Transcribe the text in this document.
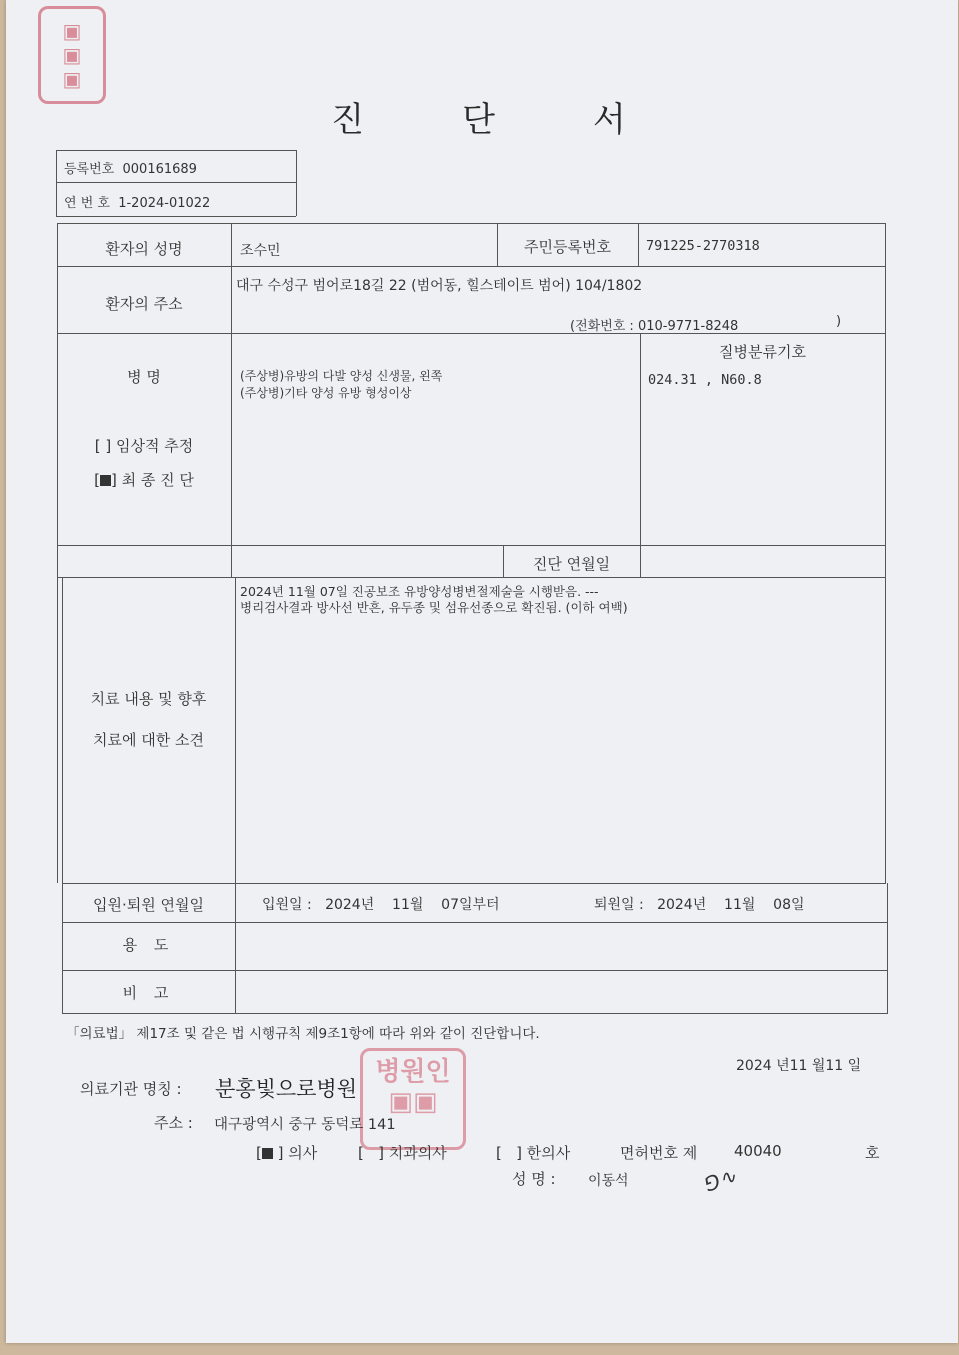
▣
▣
▣
진	단	서
등록번호 000161689
연 번 호 1-2024-01022
환자의 성명	조수민	주민등록번호	791225-2770318
환자의 주소
대구 수성구 범어로18길 22 (범어동, 힐스테이트 범어) 104/1802
(전화번호 : 010-9771-8248	)
병 명
[ ] 임상적 추정
[ ] 최 종 진 단
(주상병)유방의 다발 양성 신생물, 왼쪽
(주상병)기타 양성 유방 형성이상
질병분류기호
024.31 , N60.8
진단 연월일
치료 내용 및 향후
치료에 대한 소견
2024년 11월 07일 진공보조 유방양성병변절제술을 시행받음. ---
병리검사결과 방사선 반흔, 유두종 및 섬유선종으로 확진됨. (이하 여백)
입원·퇴원 연월일	입원일 :   2024년    11월    07일부터	퇴원일 :   2024년    11월    08일
용 도
비 고
「의료법」 제17조 및 같은 법 시행규칙 제9조1항에 따라 위와 같이 진단합니다.
2024 년11 월11 일
병원인
▣▣
의료기관 명칭 : 분홍빛으로병원
주소 : 대구광역시 중구 동덕로 141
[ ] 의사	[   ] 치과의사	[   ] 한의사	면허번호 제 40040	호
성 명 : 이동석	⅁∿
